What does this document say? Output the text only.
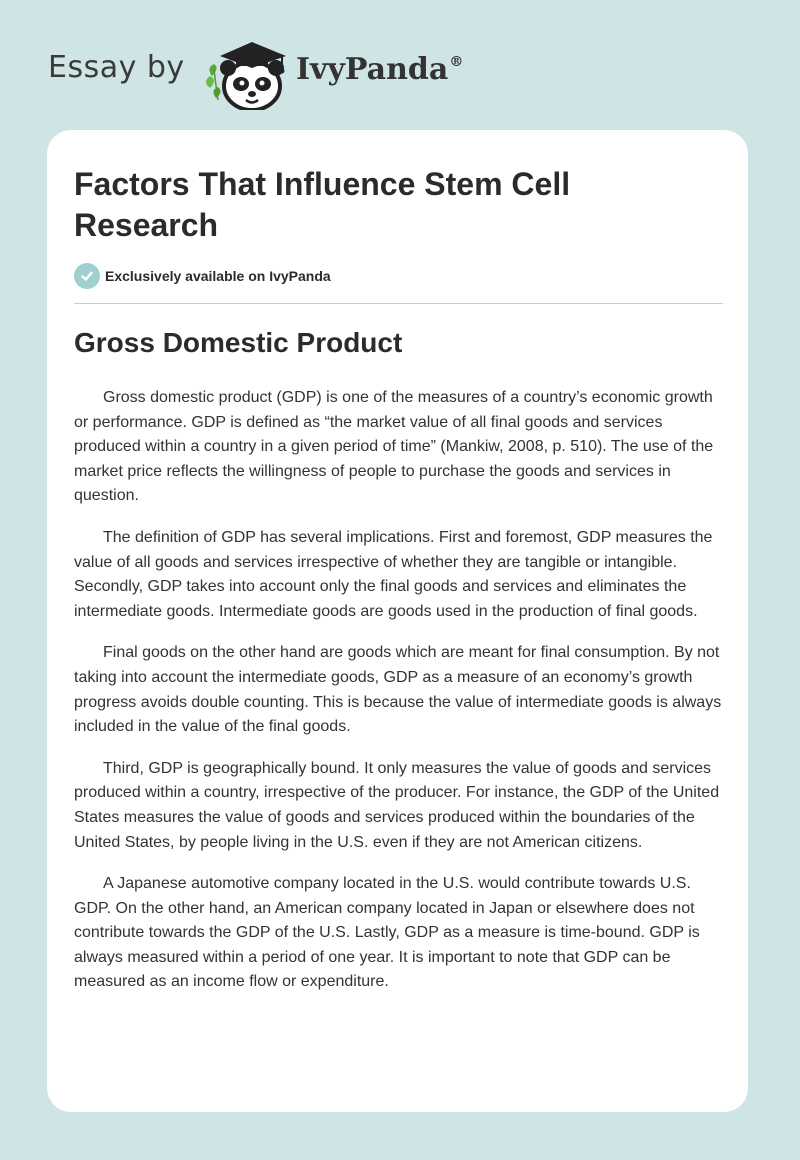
Essay by	IvyPanda®
Factors That Influence Stem Cell Research
Exclusively available on IvyPanda
Gross Domestic Product

Gross domestic product (GDP) is one of the measures of a country’s economic growth or performance. GDP is defined as “the market value of all final goods and services produced within a country in a given period of time” (Mankiw, 2008, p. 510). The use of the market price reflects the willingness of people to purchase the goods and services in question.

The definition of GDP has several implications. First and foremost, GDP measures the value of all goods and services irrespective of whether they are tangible or intangible. Secondly, GDP takes into account only the final goods and services and eliminates the intermediate goods. Intermediate goods are goods used in the production of final goods.

Final goods on the other hand are goods which are meant for final consumption. By not taking into account the intermediate goods, GDP as a measure of an economy’s growth progress avoids double counting. This is because the value of intermediate goods is always included in the value of the final goods.

Third, GDP is geographically bound. It only measures the value of goods and services produced within a country, irrespective of the producer. For instance, the GDP of the United States measures the value of goods and services produced within the boundaries of the United States, by people living in the U.S. even if they are not American citizens.

A Japanese automotive company located in the U.S. would contribute towards U.S. GDP. On the other hand, an American company located in Japan or elsewhere does not contribute towards the GDP of the U.S. Lastly, GDP as a measure is time-bound. GDP is always measured within a period of one year. It is important to note that GDP can be measured as an income flow or expenditure.
